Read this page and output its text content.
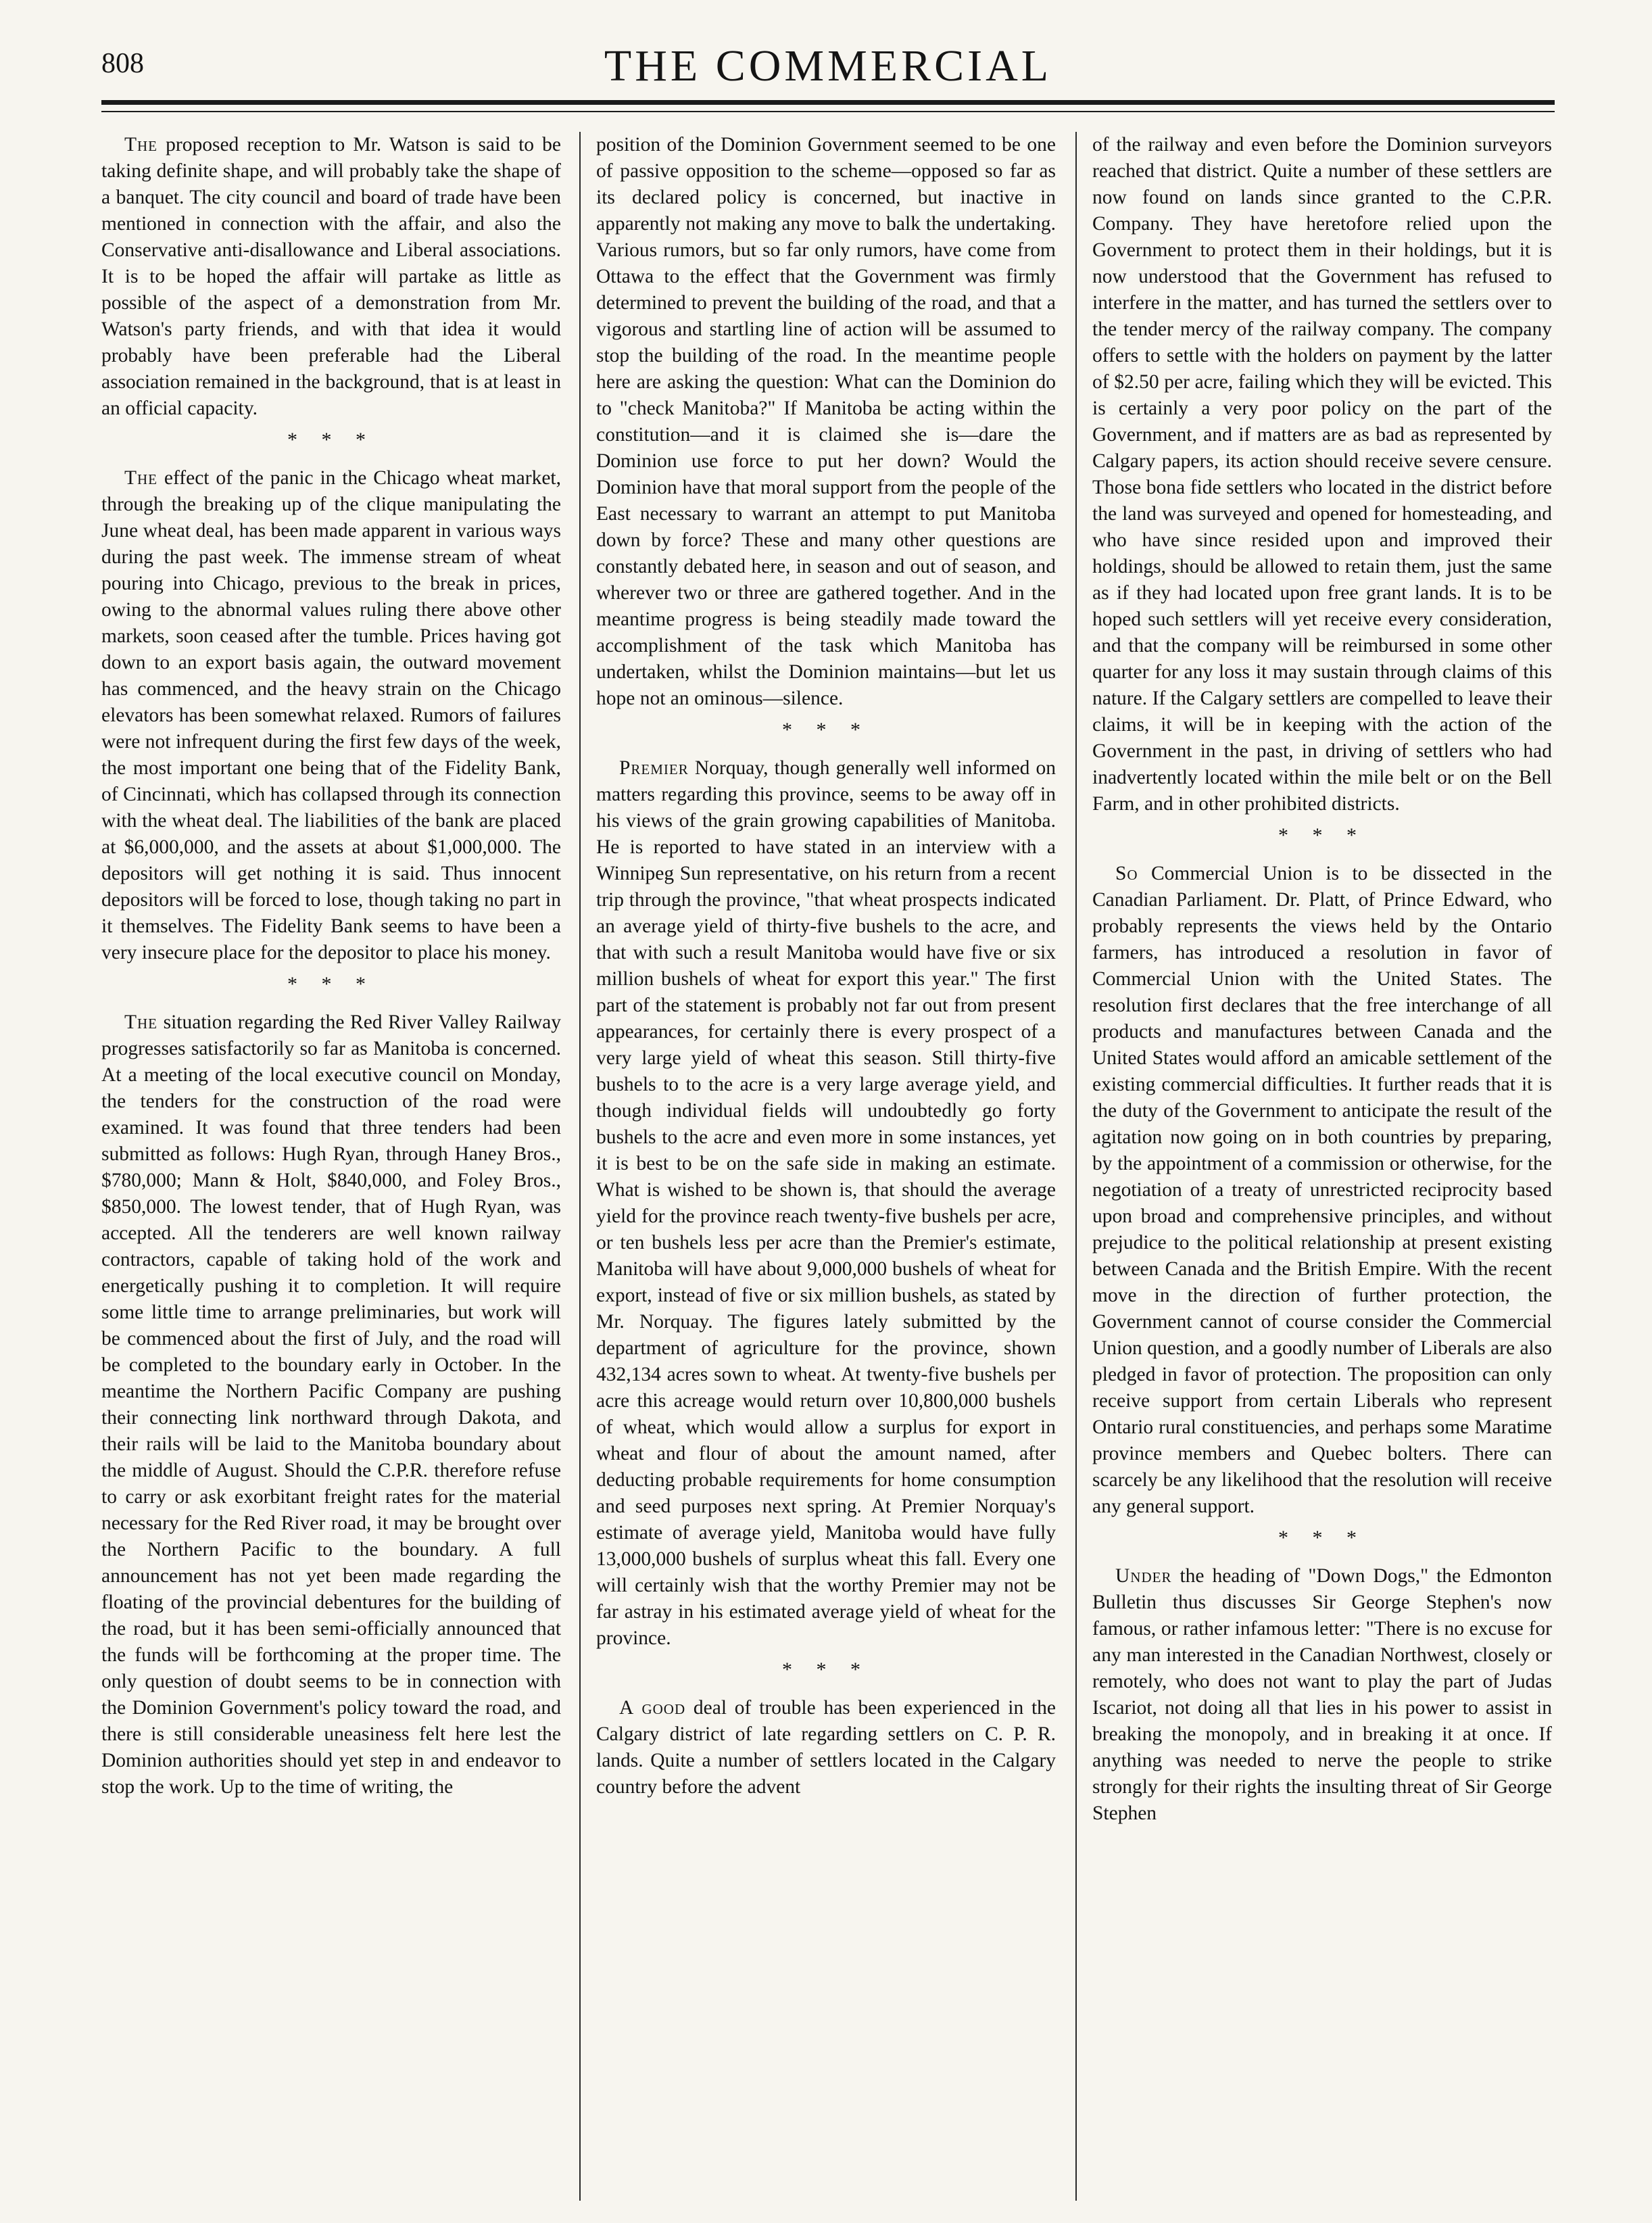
808	THE COMMERCIAL

The proposed reception to Mr. Watson is said to be taking definite shape, and will probably take the shape of a banquet. The city council and board of trade have been mentioned in connection with the affair, and also the Conservative anti-disallowance and Liberal associations. It is to be hoped the affair will partake as little as possible of the aspect of a demonstration from Mr. Watson's party friends, and with that idea it would probably have been preferable had the Liberal association remained in the background, that is at least in an official capacity.

* * *

The effect of the panic in the Chicago wheat market, through the breaking up of the clique manipulating the June wheat deal, has been made apparent in various ways during the past week. The immense stream of wheat pouring into Chicago, previous to the break in prices, owing to the abnormal values ruling there above other markets, soon ceased after the tumble. Prices having got down to an export basis again, the outward movement has commenced, and the heavy strain on the Chicago elevators has been somewhat relaxed. Rumors of failures were not infrequent during the first few days of the week, the most important one being that of the Fidelity Bank, of Cincinnati, which has collapsed through its connection with the wheat deal. The liabilities of the bank are placed at $6,000,000, and the assets at about $1,000,000. The depositors will get nothing it is said. Thus innocent depositors will be forced to lose, though taking no part in it themselves. The Fidelity Bank seems to have been a very insecure place for the depositor to place his money.

* * *

The situation regarding the Red River Valley Railway progresses satisfactorily so far as Manitoba is concerned. At a meeting of the local executive council on Monday, the tenders for the construction of the road were examined. It was found that three tenders had been submitted as follows: Hugh Ryan, through Haney Bros., $780,000; Mann & Holt, $840,000, and Foley Bros., $850,000. The lowest tender, that of Hugh Ryan, was accepted. All the tenderers are well known railway contractors, capable of taking hold of the work and energetically pushing it to completion. It will require some little time to arrange preliminaries, but work will be commenced about the first of July, and the road will be completed to the boundary early in October. In the meantime the Northern Pacific Company are pushing their connecting link northward through Dakota, and their rails will be laid to the Manitoba boundary about the middle of August. Should the C.P.R. therefore refuse to carry or ask exorbitant freight rates for the material necessary for the Red River road, it may be brought over the Northern Pacific to the boundary. A full announcement has not yet been made regarding the floating of the provincial debentures for the building of the road, but it has been semi-officially announced that the funds will be forthcoming at the proper time. The only question of doubt seems to be in connection with the Dominion Government's policy toward the road, and there is still considerable uneasiness felt here lest the Dominion authorities should yet step in and endeavor to stop the work. Up to the time of writing, the

position of the Dominion Government seemed to be one of passive opposition to the scheme—opposed so far as its declared policy is concerned, but inactive in apparently not making any move to balk the undertaking. Various rumors, but so far only rumors, have come from Ottawa to the effect that the Government was firmly determined to prevent the building of the road, and that a vigorous and startling line of action will be assumed to stop the building of the road. In the meantime people here are asking the question: What can the Dominion do to "check Manitoba?" If Manitoba be acting within the constitution—and it is claimed she is—dare the Dominion use force to put her down? Would the Dominion have that moral support from the people of the East necessary to warrant an attempt to put Manitoba down by force? These and many other questions are constantly debated here, in season and out of season, and wherever two or three are gathered together. And in the meantime progress is being steadily made toward the accomplishment of the task which Manitoba has undertaken, whilst the Dominion maintains—but let us hope not an ominous—silence.

* * *

Premier Norquay, though generally well informed on matters regarding this province, seems to be away off in his views of the grain growing capabilities of Manitoba. He is reported to have stated in an interview with a Winnipeg Sun representative, on his return from a recent trip through the province, "that wheat prospects indicated an average yield of thirty-five bushels to the acre, and that with such a result Manitoba would have five or six million bushels of wheat for export this year." The first part of the statement is probably not far out from present appearances, for certainly there is every prospect of a very large yield of wheat this season. Still thirty-five bushels to to the acre is a very large average yield, and though individual fields will undoubtedly go forty bushels to the acre and even more in some instances, yet it is best to be on the safe side in making an estimate. What is wished to be shown is, that should the average yield for the province reach twenty-five bushels per acre, or ten bushels less per acre than the Premier's estimate, Manitoba will have about 9,000,000 bushels of wheat for export, instead of five or six million bushels, as stated by Mr. Norquay. The figures lately submitted by the department of agriculture for the province, shown 432,134 acres sown to wheat. At twenty-five bushels per acre this acreage would return over 10,800,000 bushels of wheat, which would allow a surplus for export in wheat and flour of about the amount named, after deducting probable requirements for home consumption and seed purposes next spring. At Premier Norquay's estimate of average yield, Manitoba would have fully 13,000,000 bushels of surplus wheat this fall. Every one will certainly wish that the worthy Premier may not be far astray in his estimated average yield of wheat for the province.

* * *

A good deal of trouble has been experienced in the Calgary district of late regarding settlers on C. P. R. lands. Quite a number of settlers located in the Calgary country before the advent

of the railway and even before the Dominion surveyors reached that district. Quite a number of these settlers are now found on lands since granted to the C.P.R. Company. They have heretofore relied upon the Government to protect them in their holdings, but it is now understood that the Government has refused to interfere in the matter, and has turned the settlers over to the tender mercy of the railway company. The company offers to settle with the holders on payment by the latter of $2.50 per acre, failing which they will be evicted. This is certainly a very poor policy on the part of the Government, and if matters are as bad as represented by Calgary papers, its action should receive severe censure. Those bona fide settlers who located in the district before the land was surveyed and opened for homesteading, and who have since resided upon and improved their holdings, should be allowed to retain them, just the same as if they had located upon free grant lands. It is to be hoped such settlers will yet receive every consideration, and that the company will be reimbursed in some other quarter for any loss it may sustain through claims of this nature. If the Calgary settlers are compelled to leave their claims, it will be in keeping with the action of the Government in the past, in driving of settlers who had inadvertently located within the mile belt or on the Bell Farm, and in other prohibited districts.

* * *

So Commercial Union is to be dissected in the Canadian Parliament. Dr. Platt, of Prince Edward, who probably represents the views held by the Ontario farmers, has introduced a resolution in favor of Commercial Union with the United States. The resolution first declares that the free interchange of all products and manufactures between Canada and the United States would afford an amicable settlement of the existing commercial difficulties. It further reads that it is the duty of the Government to anticipate the result of the agitation now going on in both countries by preparing, by the appointment of a commission or otherwise, for the negotiation of a treaty of unrestricted reciprocity based upon broad and comprehensive principles, and without prejudice to the political relationship at present existing between Canada and the British Empire. With the recent move in the direction of further protection, the Government cannot of course consider the Commercial Union question, and a goodly number of Liberals are also pledged in favor of protection. The proposition can only receive support from certain Liberals who represent Ontario rural constituencies, and perhaps some Maratime province members and Quebec bolters. There can scarcely be any likelihood that the resolution will receive any general support.

* * *

Under the heading of "Down Dogs," the Edmonton Bulletin thus discusses Sir George Stephen's now famous, or rather infamous letter: "There is no excuse for any man interested in the Canadian Northwest, closely or remotely, who does not want to play the part of Judas Iscariot, not doing all that lies in his power to assist in breaking the monopoly, and in breaking it at once. If anything was needed to nerve the people to strike strongly for their rights the insulting threat of Sir George Stephen
